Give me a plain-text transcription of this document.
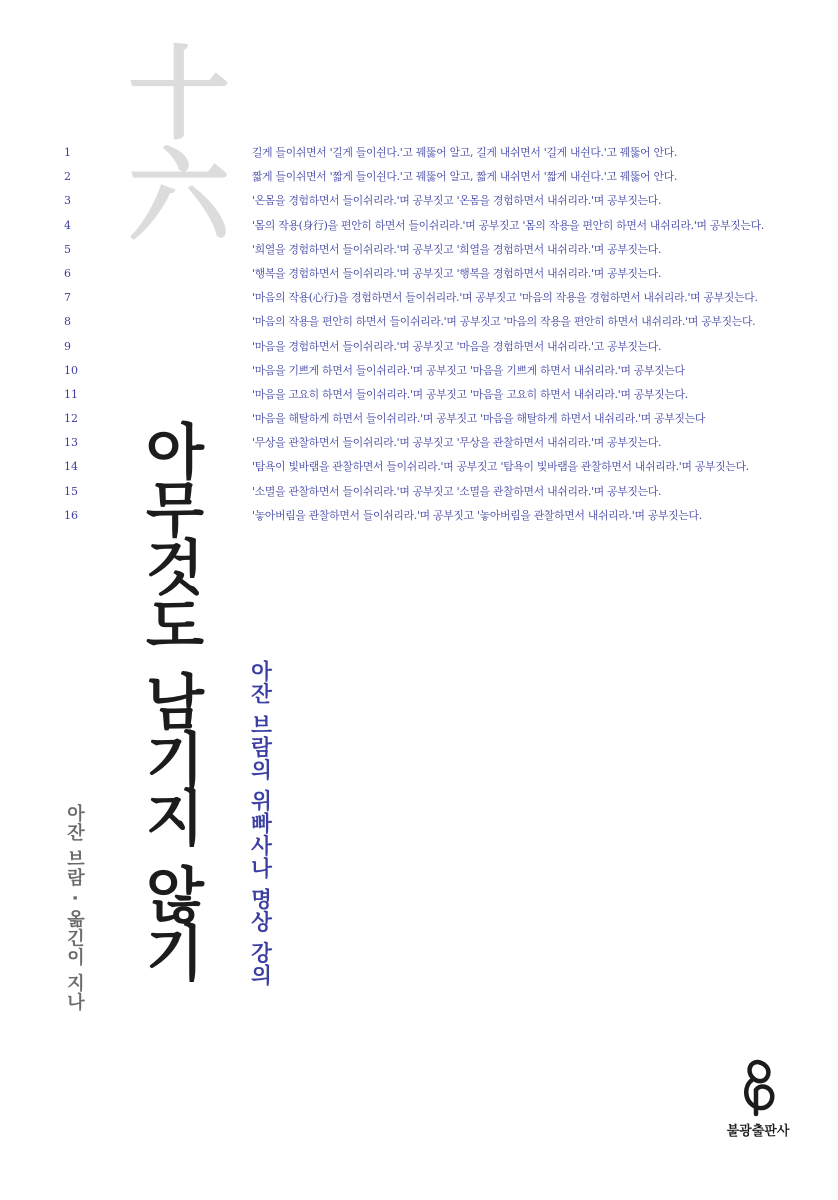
十六
1	길게 들이쉬면서 '길게 들이쉰다.'고 꿰뚫어 알고, 길게 내쉬면서 '길게 내쉰다.'고 꿰뚫어 안다.
2	짧게 들이쉬면서 '짧게 들이쉰다.'고 꿰뚫어 알고, 짧게 내쉬면서 '짧게 내쉰다.'고 꿰뚫어 안다.
3	'온몸을 경험하면서 들이쉬리라.'며 공부짓고 '온몸을 경험하면서 내쉬리라.'며 공부짓는다.
4	'몸의 작용(身行)을 편안히 하면서 들이쉬리라.'며 공부짓고 '몸의 작용을 편안히 하면서 내쉬리라.'며 공부짓는다.
5	'희열을 경험하면서 들이쉬리라.'며 공부짓고 '희열을 경험하면서 내쉬리라.'며 공부짓는다.
6	'행복을 경험하면서 들이쉬리라.'며 공부짓고 '행복을 경험하면서 내쉬리라.'며 공부짓는다.
7	'마음의 작용(心行)을 경험하면서 들이쉬리라.'며 공부짓고 '마음의 작용을 경험하면서 내쉬리라.'며 공부짓는다.
8	'마음의 작용을 편안히 하면서 들이쉬리라.'며 공부짓고 '마음의 작용을 편안히 하면서 내쉬리라.'며 공부짓는다.
9	'마음을 경험하면서 들이쉬리라.'며 공부짓고 '마음을 경험하면서 내쉬리라.'고 공부짓는다.
10	'마음을 기쁘게 하면서 들이쉬리라.'며 공부짓고 '마음을 기쁘게 하면서 내쉬리라.'며 공부짓는다
11	'마음을 고요히 하면서 들이쉬리라.'며 공부짓고 '마음을 고요히 하면서 내쉬리라.'며 공부짓는다.
12	'마음을 해탈하게 하면서 들이쉬리라.'며 공부짓고 '마음을 해탈하게 하면서 내쉬리라.'며 공부짓는다
13	'무상을 관찰하면서 들이쉬리라.'며 공부짓고 '무상을 관찰하면서 내쉬리라.'며 공부짓는다.
14	'탐욕이 빛바램을 관찰하면서 들이쉬리라.'며 공부짓고 '탐욕이 빛바램을 관찰하면서 내쉬리라.'며 공부짓는다.
15	'소멸을 관찰하면서 들이쉬리라.'며 공부짓고 '소멸을 관찰하면서 내쉬리라.'며 공부짓는다.
16	'놓아버림을 관찰하면서 들이쉬리라.'며 공부짓고 '놓아버림을 관찰하면서 내쉬리라.'며 공부짓는다.
아무것도 남기지 않기	아잔 브람의 위빠사나 명상 강의
아잔 브람 · 옮긴이 지나
불광출판사
